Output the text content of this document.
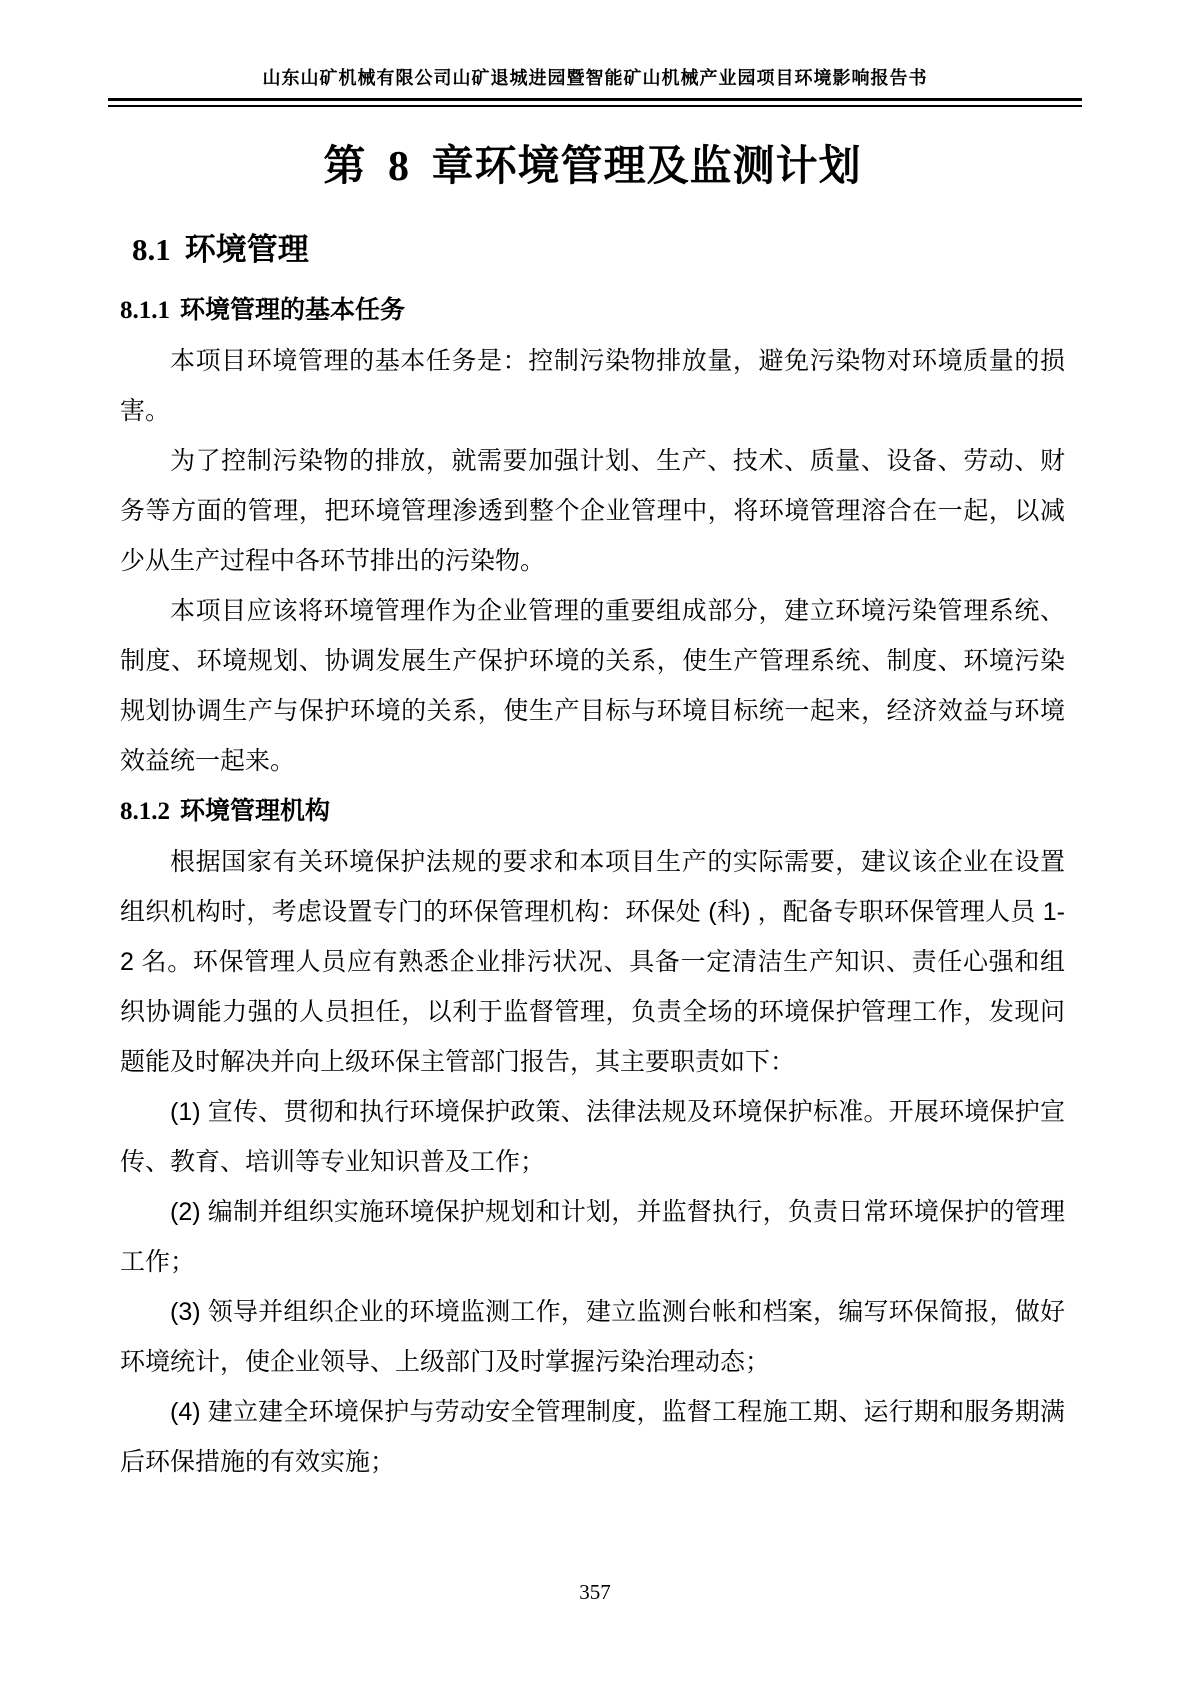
山东山矿机械有限公司山矿退城进园暨智能矿山机械产业园项目环境影响报告书
第 8 章环境管理及监测计划
8.1 环境管理
8.1.1 环境管理的基本任务

本项目环境管理的基本任务是：控制污染物排放量，避免污染物对环境质量的损害。

为了控制污染物的排放，就需要加强计划、生产、技术、质量、设备、劳动、财务等方面的管理，把环境管理渗透到整个企业管理中，将环境管理溶合在一起，以减少从生产过程中各环节排出的污染物。

本项目应该将环境管理作为企业管理的重要组成部分，建立环境污染管理系统、制度、环境规划、协调发展生产保护环境的关系，使生产管理系统、制度、环境污染规划协调生产与保护环境的关系，使生产目标与环境目标统一起来，经济效益与环境效益统一起来。

8.1.2 环境管理机构

根据国家有关环境保护法规的要求和本项目生产的实际需要，建议该企业在设置组织机构时，考虑设置专门的环保管理机构：环保处 (科) ，配备专职环保管理人员 1-2 名。环保管理人员应有熟悉企业排污状况、具备一定清洁生产知识、责任心强和组织协调能力强的人员担任，以利于监督管理，负责全场的环境保护管理工作，发现问题能及时解决并向上级环保主管部门报告，其主要职责如下：

(1) 宣传、贯彻和执行环境保护政策、法律法规及环境保护标准。开展环境保护宣传、教育、培训等专业知识普及工作；

(2) 编制并组织实施环境保护规划和计划，并监督执行，负责日常环境保护的管理工作；

(3) 领导并组织企业的环境监测工作，建立监测台帐和档案，编写环保简报，做好环境统计，使企业领导、上级部门及时掌握污染治理动态；

(4) 建立建全环境保护与劳动安全管理制度，监督工程施工期、运行期和服务期满后环保措施的有效实施；

357
